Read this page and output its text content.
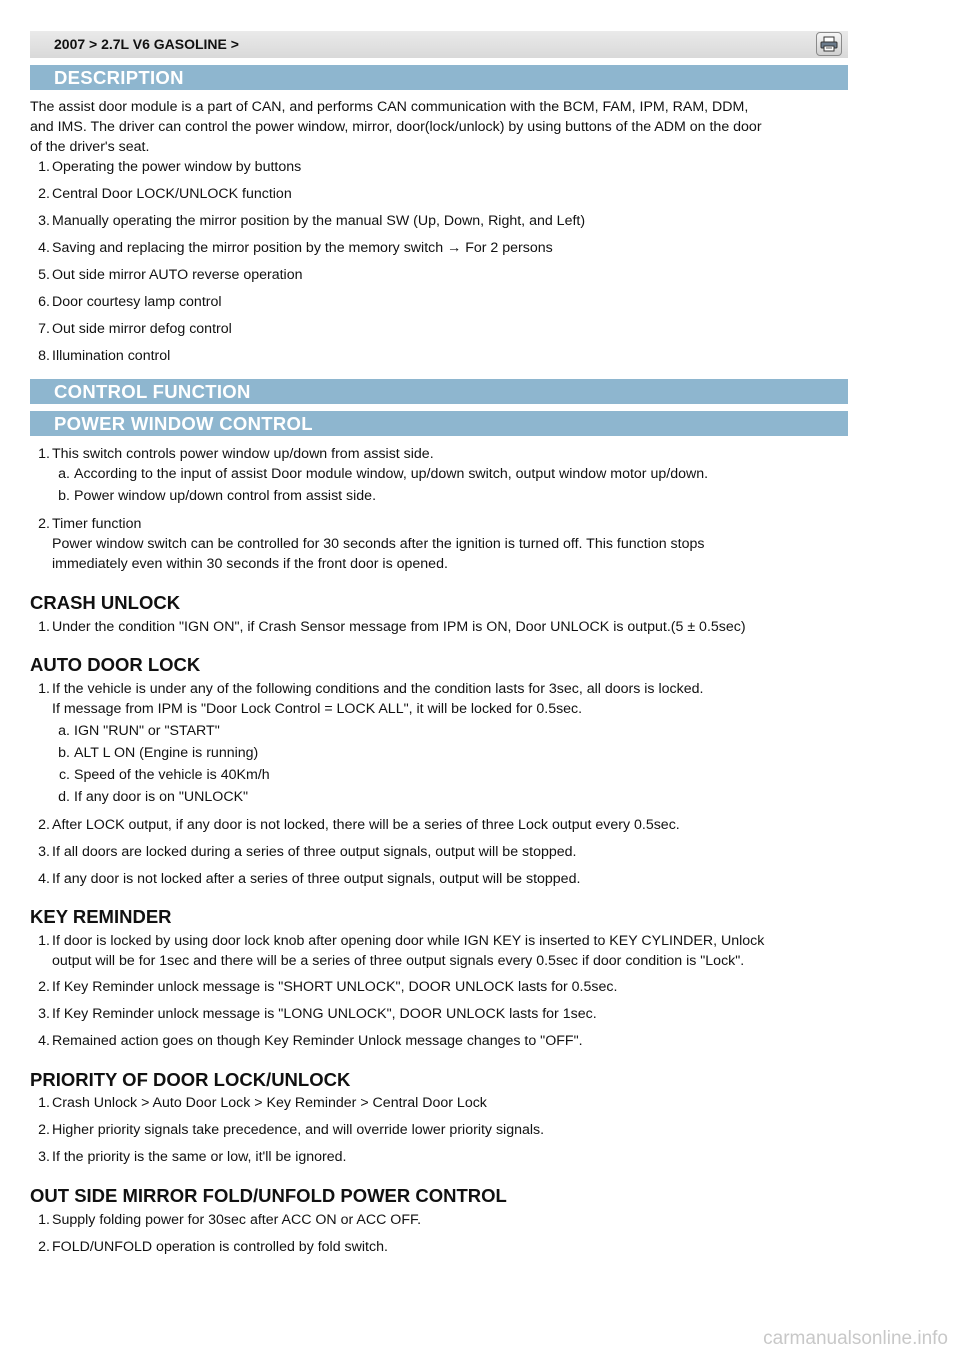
2007 > 2.7L V6 GASOLINE >
DESCRIPTION
The assist door module is a part of CAN, and performs CAN communication with the BCM, FAM, IPM, RAM, DDM,
and IMS. The driver can control the power window, mirror, door(lock/unlock) by using buttons of the ADM on the door
of the driver's seat.
1. Operating the power window by buttons
2. Central Door LOCK/UNLOCK function
3. Manually operating the mirror position by the manual SW (Up, Down, Right, and Left)
4. Saving and replacing the mirror position by the memory switch → For 2 persons
5. Out side mirror AUTO reverse operation
6. Door courtesy lamp control
7. Out side mirror defog control
8. Illumination control
CONTROL FUNCTION
POWER WINDOW CONTROL
1. This switch controls power window up/down from assist side.
a. According to the input of assist Door module window, up/down switch, output window motor up/down.
b. Power window up/down control from assist side.
2. Timer function
Power window switch can be controlled for 30 seconds after the ignition is turned off. This function stops
immediately even within 30 seconds if the front door is opened.
CRASH UNLOCK
1. Under the condition "IGN ON", if Crash Sensor message from IPM is ON, Door UNLOCK is output.(5 ± 0.5sec)
AUTO DOOR LOCK
1. If the vehicle is under any of the following conditions and the condition lasts for 3sec, all doors is locked.
If message from IPM is "Door Lock Control = LOCK ALL", it will be locked for 0.5sec.
a. IGN "RUN" or "START"
b. ALT L ON (Engine is running)
c. Speed of the vehicle is 40Km/h
d. If any door is on "UNLOCK"
2. After LOCK output, if any door is not locked, there will be a series of three Lock output every 0.5sec.
3. If all doors are locked during a series of three output signals, output will be stopped.
4. If any door is not locked after a series of three output signals, output will be stopped.
KEY REMINDER
1. If door is locked by using door lock knob after opening door while IGN KEY is inserted to KEY CYLINDER, Unlock
output will be for 1sec and there will be a series of three output signals every 0.5sec if door condition is "Lock".
2. If Key Reminder unlock message is "SHORT UNLOCK", DOOR UNLOCK lasts for 0.5sec.
3. If Key Reminder unlock message is "LONG UNLOCK", DOOR UNLOCK lasts for 1sec.
4. Remained action goes on though Key Reminder Unlock message changes to "OFF".
PRIORITY OF DOOR LOCK/UNLOCK
1. Crash Unlock > Auto Door Lock > Key Reminder > Central Door Lock
2. Higher priority signals take precedence, and will override lower priority signals.
3. If the priority is the same or low, it'll be ignored.
OUT SIDE MIRROR FOLD/UNFOLD POWER CONTROL
1. Supply folding power for 30sec after ACC ON or ACC OFF.
2. FOLD/UNFOLD operation is controlled by fold switch.
carmanualsonline.info
